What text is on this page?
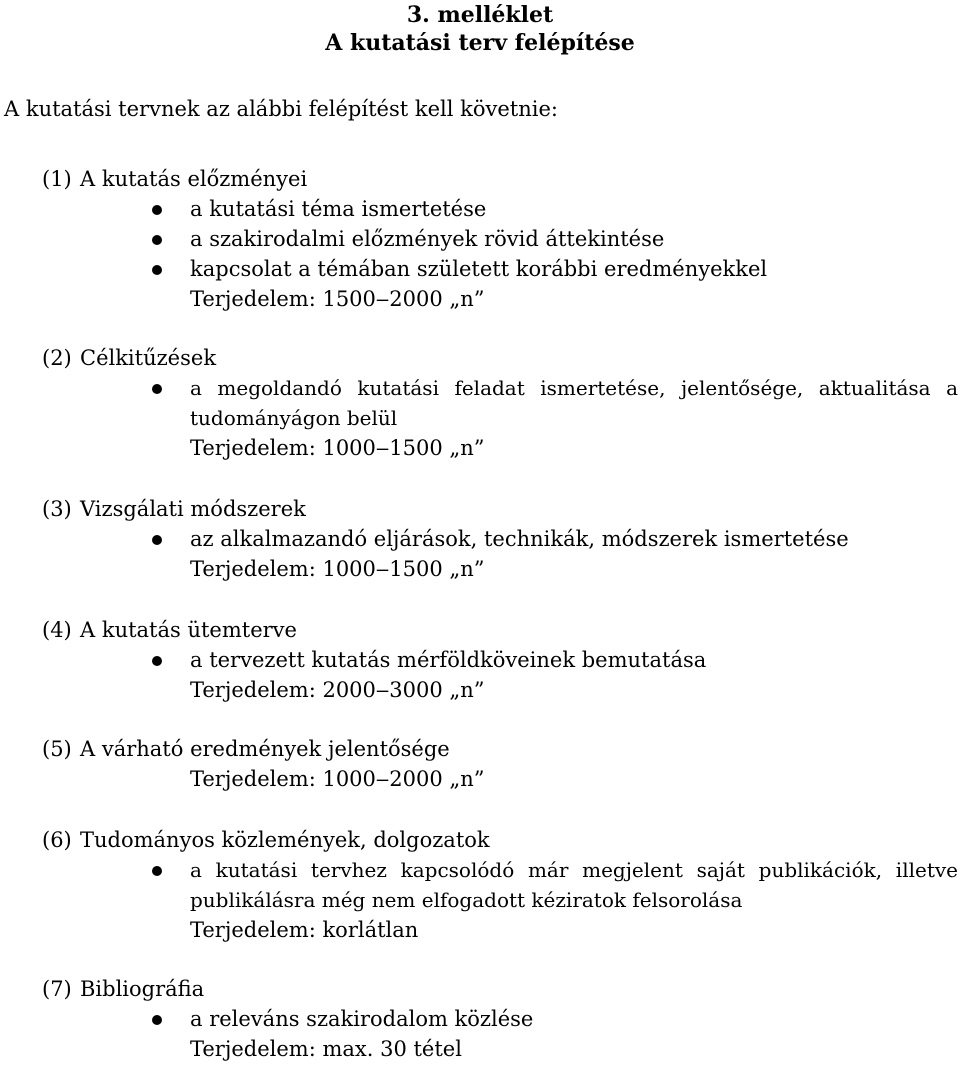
3. melléklet
A kutatási terv felépítése
A kutatási tervnek az alábbi felépítést kell követnie:
(1) A kutatás előzményei
a kutatási téma ismertetése
a szakirodalmi előzmények rövid áttekintése
kapcsolat a témában született korábbi eredményekkel
Terjedelem: 1500‒2000 „n”
(2) Célkitűzések
a megoldandó kutatási feladat ismertetése, jelentősége, aktualitása a tudományágon belül
Terjedelem: 1000‒1500 „n”
(3) Vizsgálati módszerek
az alkalmazandó eljárások, technikák, módszerek ismertetése
Terjedelem: 1000‒1500 „n”
(4) A kutatás ütemterve
a tervezett kutatás mérföldköveinek bemutatása
Terjedelem: 2000‒3000 „n”
(5) A várható eredmények jelentősége
Terjedelem: 1000‒2000 „n”
(6) Tudományos közlemények, dolgozatok
a kutatási tervhez kapcsolódó már megjelent saját publikációk, illetve publikálásra még nem elfogadott kéziratok felsorolása
Terjedelem: korlátlan
(7) Bibliográfia
a releváns szakirodalom közlése
Terjedelem: max. 30 tétel
